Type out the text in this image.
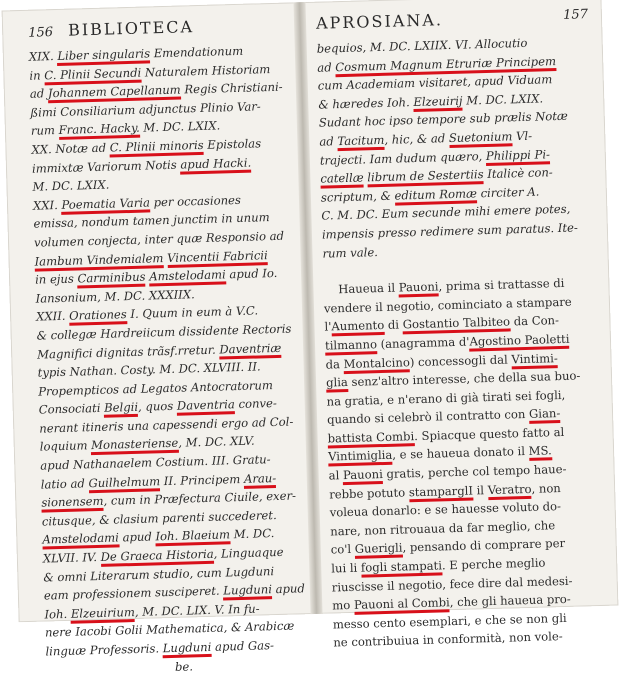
156 BIBLIOTECA
XIX. Liber singularis Emendationum
in C. Plinii Secundi Naturalem Historiam
ad Johannem Capellanum Regis Christiani-
ßimi Consiliarium adjunctus Plinio Var-
rum Franc. Hacky. M. DC. LXIX.
XX. Notæ ad C. Plinii minoris Epistolas
immixtæ Variorum Notis apud Hacki.
M. DC. LXIX.
XXI. Poematia Varia per occasiones
emissa, nondum tamen junctim in unum
volumen conjecta, inter quæ Responsio ad
Iambum Vindemialem Vincentii Fabricii
in ejus Carminibus Amstelodami apud Io.
Iansonium, M. DC. XXXIIX.
XXII. Orationes I. Quum in eum à V.C.
& collegæ Hardreiicum dissidente Rectoris
Magnifici dignitas trãsf.rretur. Daventriæ
typis Nathan. Costy. M. DC. XLVIII. II.
Propempticos ad Legatos Antocratorum
Consociati Belgii, quos Daventria conve-
nerant itineris una capessendi ergo ad Col-
loquium Monasteriense, M. DC. XLV.
apud Nathanaelem Costium. III. Gratu-
latio ad Guilhelmum II. Principem Arau-
sionensem, cum in Præfectura Ciuile, exer-
citusque, & clasium parenti succederet.
Amstelodami apud Ioh. Blaeium M. DC.
XLVII. IV. De Graeca Historia, Linguaque
& omni Literarum studio, cum Lugduni
eam professionem susciperet. Lugduni apud
Ioh. Elzeuirium, M. DC. LIX. V. In fu-
nere Iacobi Golii Mathematica, & Arabicæ
linguæ Professoris. Lugduni apud Gas-
be.
APROSIANA.	157
bequios, M. DC. LXIIX. VI. Allocutio
ad Cosmum Magnum Etruriæ Principem
cum Academiam visitaret, apud Viduam
& hæredes Ioh. Elzeuirij M. DC. LXIX.
Sudant hoc ipso tempore sub prælis Notæ
ad Tacitum, hic, & ad Suetonium Vl-
trajecti. Iam dudum quæro, Philippi Pi-
catellæ librum de Sestertiis Italicè con-
scriptum, & editum Romæ circiter A.
C. M. DC. Eum secunde mihi emere potes,
impensis presso redimere sum paratus. Ite-
rum vale.
Haueua il Pauoni, prima si trattasse di
vendere il negotio, cominciato a stampare
l'Aumento di Gostantio Talbiteo da Con-
tilmanno (anagramma d'Agostino Paoletti
da Montalcino) concessogli dal Vintimi-
glia senz'altro interesse, che della sua buo-
na gratia, e n'erano di già tirati sei fogli,
quando si celebrò il contratto con Gian-
battista Combi. Spiacque questo fatto al
Vintimiglia, e se haueua donato il MS.
al Pauoni gratis, perche col tempo haue-
rebbe potuto stamparglI il Veratro, non
voleua donarlo: e se hauesse voluto do-
nare, non ritrouaua da far meglio, che
co'l Guerigli, pensando di comprare per
lui li fogli stampati. E perche meglio
riuscisse il negotio, fece dire dal medesi-
mo Pauoni al Combi, che gli haueua pro-
messo cento esemplari, e che se non gli
ne contribuiua in conformità, non vole-
